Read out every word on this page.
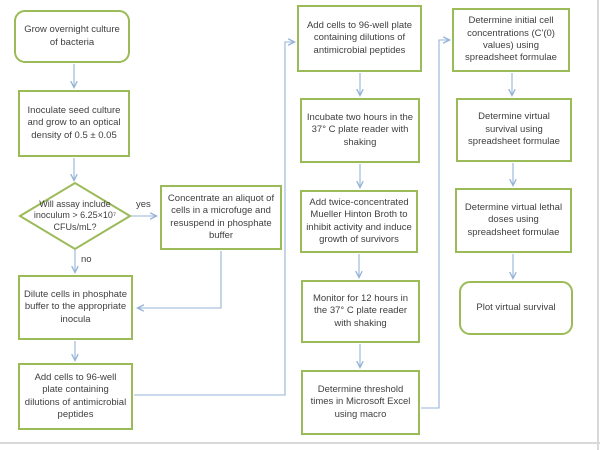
Grow overnight culture of bacteria
Inoculate seed culture and grow to an optical density of 0.5 ± 0.05
Will assay include inoculum > 6.25×10⁷ CFUs/mL?
yes
no
Concentrate an aliquot of cells in a microfuge and resuspend in phosphate buffer
Dilute cells in phosphate buffer to the appropriate inocula
Add cells to 96-well plate containing dilutions of antimicrobial peptides
Add cells to 96-well plate containing dilutions of antimicrobial peptides
Incubate two hours in the 37° C plate reader with shaking
Add twice-concentrated Mueller Hinton Broth to inhibit activity and induce growth of survivors
Monitor for 12 hours in the 37° C plate reader with shaking
Determine threshold times in Microsoft Excel using macro
Determine initial cell concentrations (C'(0) values) using spreadsheet formulae
Determine virtual survival using spreadsheet formulae
Determine virtual lethal doses using spreadsheet formulae
Plot virtual survival
